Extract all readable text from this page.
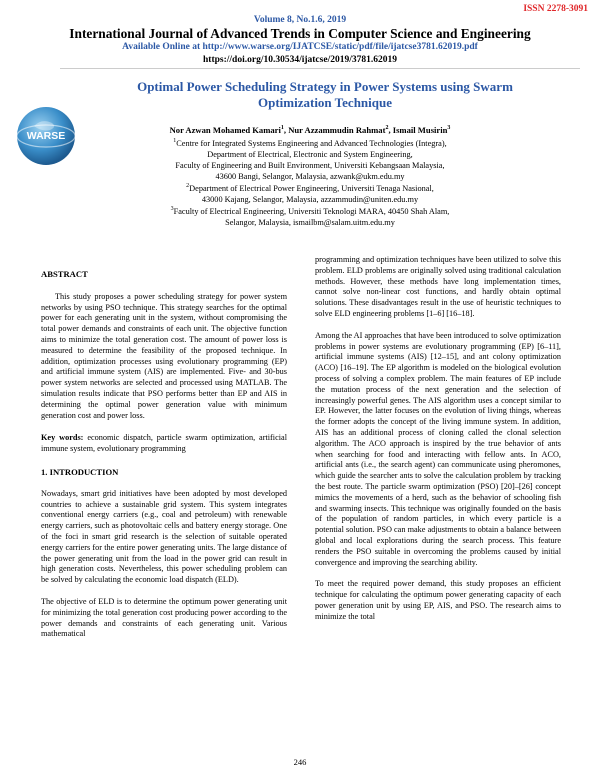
ISSN 2278-3091
Volume 8, No.1.6, 2019
International Journal of Advanced Trends in Computer Science and Engineering
Available Online at http://www.warse.org/IJATCSE/static/pdf/file/ijatcse3781.62019.pdf
https://doi.org/10.30534/ijatcse/2019/3781.62019
WARSE
Optimal Power Scheduling Strategy in Power Systems using Swarm
Optimization Technique
Nor Azwan Mohamed Kamari$^1$, Nur Azzammudin Rahmat$^2$, Ismail Musirin$^3$
$^1$Centre for Integrated Systems Engineering and Advanced Technologies (Integra),
Department of Electrical, Electronic and System Engineering,
Faculty of Engineering and Built Environment, Universiti Kebangsaan Malaysia,
43600 Bangi, Selangor, Malaysia, azwank@ukm.edu.my
$^2$Department of Electrical Power Engineering, Universiti Tenaga Nasional,
43000 Kajang, Selangor, Malaysia, azzammudin@uniten.edu.my
$^3$Faculty of Electrical Engineering, Universiti Teknologi MARA, 40450 Shah Alam,
Selangor, Malaysia, ismailbm@salam.uitm.edu.my
ABSTRACT
This study proposes a power scheduling strategy for power system networks by using PSO technique. This strategy searches for the optimal power for each generating unit in the system, without compromising the total power demands and constraints of each unit. The objective function aims to minimize the total generation cost. The amount of power loss is measured to determine the feasibility of the proposed technique. In addition, optimization processes using evolutionary programming (EP) and artificial immune system (AIS) are implemented. Five- and 30-bus power system networks are selected and processed using MATLAB. The simulation results indicate that PSO performs better than EP and AIS in determining the optimal power generation value with minimum generation cost and power loss.
Key words: economic dispatch, particle swarm optimization, artificial immune system, evolutionary programming
1. INTRODUCTION
Nowadays, smart grid initiatives have been adopted by most developed countries to achieve a sustainable grid system. This system integrates conventional energy carriers (e.g., coal and petroleum) with renewable energy carriers, such as photovoltaic cells and battery energy storage. One of the foci in smart grid research is the selection of suitable operated energy carriers for the entire power generating units. The large distance of the power generating unit from the load in the power grid can result in high generation costs. Nevertheless, this power scheduling problem can be solved by calculating the economic load dispatch (ELD).
The objective of ELD is to determine the optimum power generating unit for minimizing the total generation cost producing power according to the power demands and constraints of each generating unit. Various mathematical
programming and optimization techniques have been utilized to solve this problem. ELD problems are originally solved using traditional calculation methods. However, these methods have long implementation times, cannot solve non-linear cost functions, and hardly obtain optimal solutions. These disadvantages result in the use of heuristic techniques to solve ELD engineering problems [1–6] [16–18].
Among the AI approaches that have been introduced to solve optimization problems in power systems are evolutionary programming (EP) [6–11], artificial immune systems (AIS) [12–15], and ant colony optimization (ACO) [16–19]. The EP algorithm is modeled on the biological evolution process of solving a complex problem. The main features of EP include the mutation process of the next generation and the selection of increasingly powerful genes. The AIS algorithm uses a concept similar to EP. However, the latter focuses on the evolution of living things, whereas the former adopts the concept of the living immune system. In addition, AIS has an additional process of cloning called the clonal selection algorithm. The ACO approach is inspired by the true behavior of ants when searching for food and interacting with fellow ants. In ACO, artificial ants (i.e., the search agent) can communicate using pheromones, which guide the searcher ants to solve the calculation problem by tracking the best route. The particle swarm optimization (PSO) [20]–[26] concept mimics the movements of a herd, such as the behavior of schooling fish and swarming insects. This technique was originally founded on the basis of the population of random particles, in which every particle is a potential solution. PSO can make adjustments to obtain a balance between global and local explorations during the search process. This feature renders the PSO suitable in overcoming the problems caused by initial convergence and improving the searching ability.
To meet the required power demand, this study proposes an efficient technique for calculating the optimum power generating capacity of each power generation unit by using EP, AIS, and PSO. The research aims to minimize the total
246
